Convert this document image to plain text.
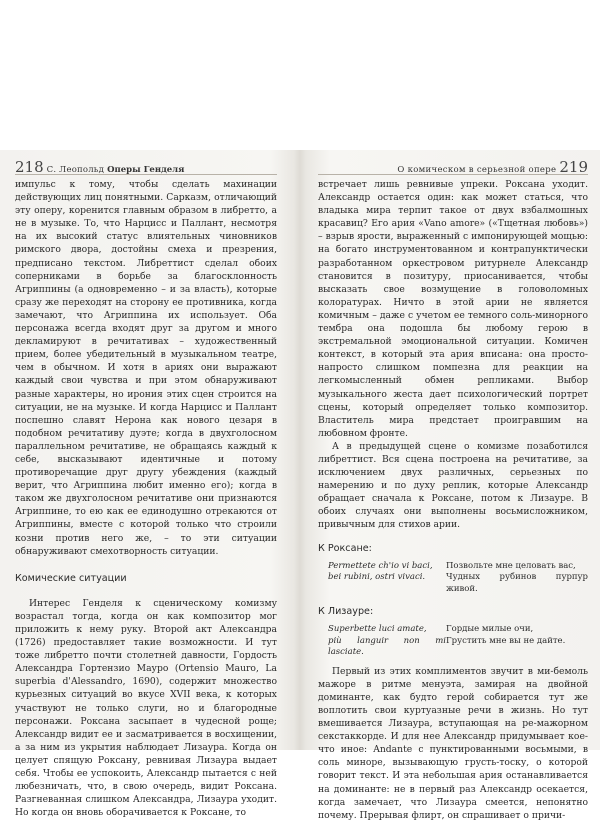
218 С. Леопольд Оперы Генделя	О комическом в серьезной опере 219

импульс к тому, чтобы сделать махинации действующих лиц понятными. Сарказм, отличающий эту оперу, коренится главным образом в либретто, а не в музыке. То, что Нарцисс и Паллант, несмотря на их высокий статус влиятельных чиновников римского двора, достойны смеха и презрения, предписано текстом. Либреттист сделал обоих соперниками в борьбе за благосклонность Агриппины (а одновременно – и за власть), которые сразу же переходят на сторону ее противника, когда замечают, что Агриппина их использует. Оба персонажа всегда входят друг за другом и много декламируют в речитативах – художественный прием, более убедительный в музыкальном театре, чем в обычном. И хотя в ариях они выражают каждый свои чувства и при этом обнаруживают разные характеры, но ирония этих сцен строится на ситуации, не на музыке. И когда Нарцисс и Паллант поспешно славят Нерона как нового цезаря в подобном речитативу дуэте; когда в двухголосном параллельном речитативе, не обращаясь каждый к себе, высказывают идентичные и потому противоречащие друг другу убеждения (каждый верит, что Агриппина любит именно его); когда в таком же двухголосном речитативе они признаются Агриппине, то ею как ее единодушно отрекаются от Агриппины, вместе с которой только что строили козни против него же, – то эти ситуации обнаруживают смехотворность ситуации.

Комические ситуации

Интерес Генделя к сценическому комизму возрастал тогда, когда он как композитор мог приложить к нему руку. Второй акт Александра (1726) предоставляет такие возможности. И тут тоже либретто почти столетней давности, Гордость Александра Гортензио Мауро (Ortensio Mauro, La superbia d'Alessandro, 1690), содержит множество курьезных ситуаций во вкусе XVII века, к которых участвуют не только слуги, но и благородные персонажи. Роксана засыпает в чудесной роще; Александр видит ее и засматривается в восхищении, а за ним из укрытия наблюдает Лизаура. Когда он целует спящую Роксану, ревнивая Лизаура выдает себя. Чтобы ее успокоить, Александр пытается с ней любезничать, что, в свою очередь, видит Роксана. Разгневанная слишком Александра, Лизаура уходит. Но когда он вновь оборачивается к Роксане, то

встречает лишь ревнивые упреки. Роксана уходит. Александр остается один: как может статься, что владыка мира терпит такое от двух взбалмошных красавиц? Его ария «Vano amore» («Тщетная любовь») – взрыв ярости, выраженный с импонирующей мощью: на богато инструментованном и контрапунктически разработанном оркестровом ритурнеле Александр становится в позитуру, приосанивается, чтобы высказать свое возмущение в головоломных колоратурах. Ничто в этой арии не является комичным – даже с учетом ее темного соль-минорного тембра она подошла бы любому герою в экстремальной эмоциональной ситуации. Комичен контекст, в который эта ария вписана: она просто-напросто слишком помпезна для реакции на легкомысленный обмен репликами. Выбор музыкального жеста дает психологический портрет сцены, который определяет только композитор. Властитель мира предстает проигравшим на любовном фронте.

А в предыдущей сцене о комизме позаботился либреттист. Вся сцена построена на речитативе, за исключением двух различных, серьезных по намерению и по духу реплик, которые Александр обращает сначала к Роксане, потом к Лизауре. В обоих случаях они выполнены восьмисложником, привычным для стихов арии.

К Роксане:
Permettete ch'io vi baci,
bei rubini, ostri vivaci.
Позвольте мне целовать вас,
Чудных рубинов пурпур живой.
К Лизауре:
Superbette luci amate,
più languir non mi lasciate.
Гордые милые очи,
Грустить мне вы не дайте.

Первый из этих комплиментов звучит в ми-бемоль мажоре в ритме менуэта, замирая на двойной доминанте, как будто герой собирается тут же воплотить свои куртуазные речи в жизнь. Но тут вмешивается Лизаура, вступающая на ре-мажорном секстаккорде. И для нее Александр придумывает кое-что иное: Andante с пунктированными восьмыми, в соль миноре, вызывающую грусть-тоску, о которой говорит текст. И эта небольшая ария останавливается на доминанте: не в первый раз Александр осекается, когда замечает, что Лизаура смеется, непонятно почему. Прерывая флирт, он спрашивает о причи-
